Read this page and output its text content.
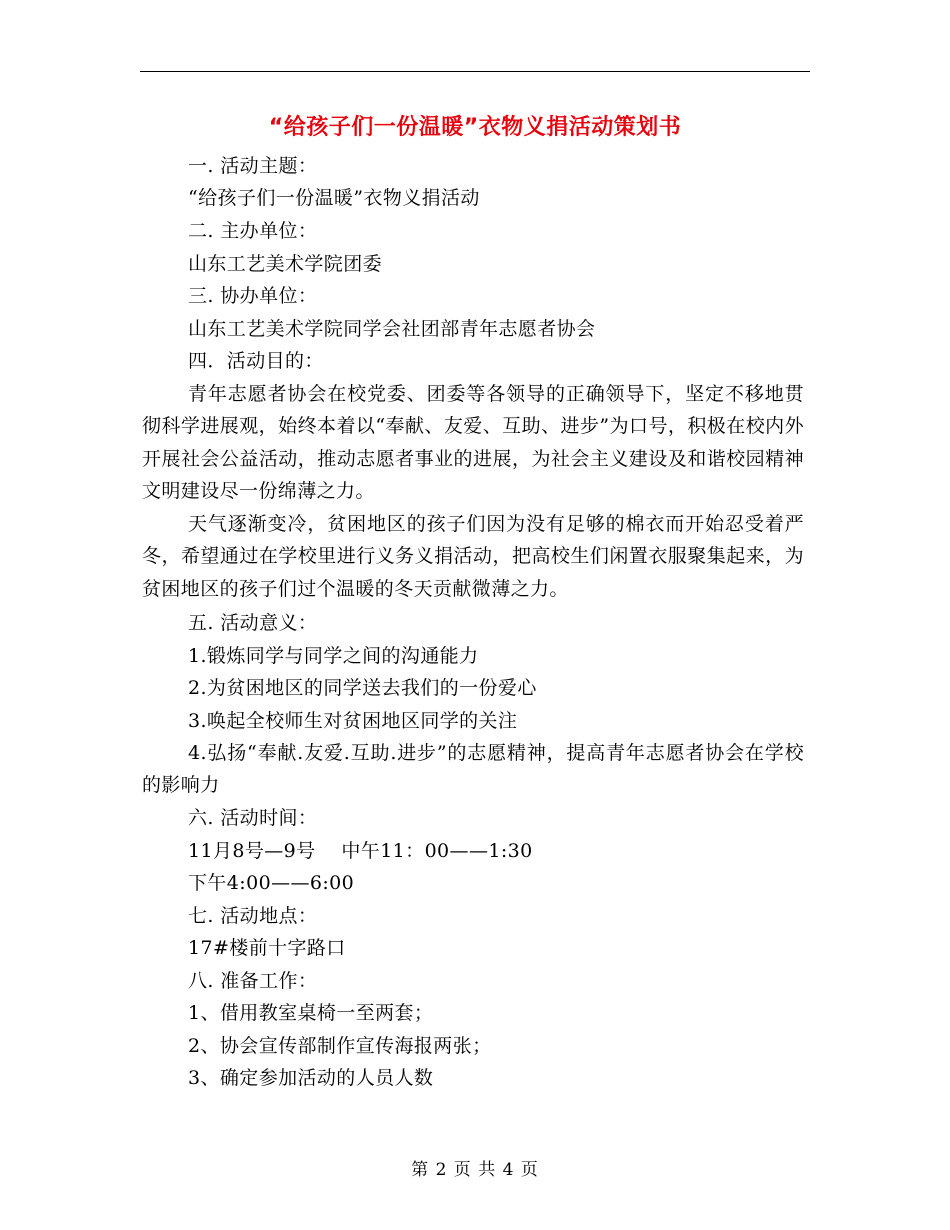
“给孩子们一份温暖”衣物义捐活动策划书
一. 活动主题：
“给孩子们一份温暖”衣物义捐活动
二. 主办单位：
山东工艺美术学院团委
三. 协办单位：
山东工艺美术学院同学会社团部青年志愿者协会
四．活动目的：
青年志愿者协会在校党委、团委等各领导的正确领导下，坚定不移地贯彻科学进展观，始终本着以“奉献、友爱、互助、进步”为口号，积极在校内外开展社会公益活动，推动志愿者事业的进展，为社会主义建设及和谐校园精神文明建设尽一份绵薄之力。
天气逐渐变冷，贫困地区的孩子们因为没有足够的棉衣而开始忍受着严冬，希望通过在学校里进行义务义捐活动，把高校生们闲置衣服聚集起来，为贫困地区的孩子们过个温暖的冬天贡献微薄之力。
五. 活动意义：
1.锻炼同学与同学之间的沟通能力
2.为贫困地区的同学送去我们的一份爱心
3.唤起全校师生对贫困地区同学的关注
4.弘扬“奉献.友爱.互助.进步”的志愿精神，提高青年志愿者协会在学校的影响力
六. 活动时间：
11月8号—9号　 中午11：00——1:30
下午4:00——6:00
七. 活动地点：
17#楼前十字路口
八. 准备工作：
1、借用教室桌椅一至两套；
2、协会宣传部制作宣传海报两张；
3、确定参加活动的人员人数
第 2 页 共 4 页
